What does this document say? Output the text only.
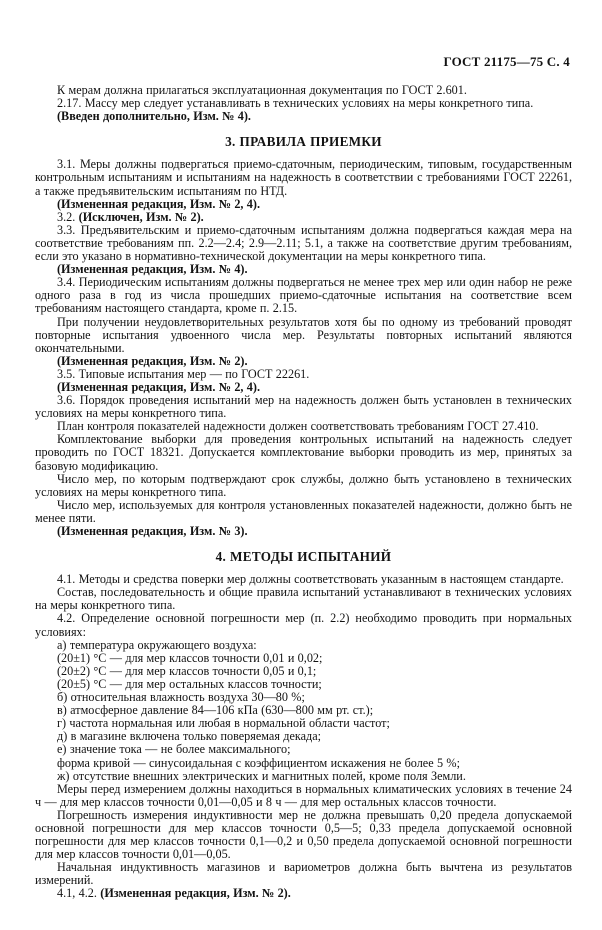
ГОСТ 21175—75 С. 4

К мерам должна прилагаться эксплуатационная документация по ГОСТ 2.601.

2.17. Массу мер следует устанавливать в технических условиях на меры конкретного типа.

(Введен дополнительно, Изм. № 4).

3. ПРАВИЛА ПРИЕМКИ

3.1. Меры должны подвергаться приемо-сдаточным, периодическим, типовым, государственным контрольным испытаниям и испытаниям на надежность в соответствии с требованиями ГОСТ 22261, а также предъявительским испытаниям по НТД.

(Измененная редакция, Изм. № 2, 4).

3.2. (Исключен, Изм. № 2).

3.3. Предъявительским и приемо-сдаточным испытаниям должна подвергаться каждая мера на соответствие требованиям пп. 2.2—2.4; 2.9—2.11; 5.1, а также на соответствие другим требованиям, если это указано в нормативно-технической документации на меры конкретного типа.

(Измененная редакция, Изм. № 4).

3.4. Периодическим испытаниям должны подвергаться не менее трех мер или один набор не реже одного раза в год из числа прошедших приемо-сдаточные испытания на соответствие всем требованиям настоящего стандарта, кроме п. 2.15.

При получении неудовлетворительных результатов хотя бы по одному из требований проводят повторные испытания удвоенного числа мер. Результаты повторных испытаний являются окончательными.

(Измененная редакция, Изм. № 2).

3.5. Типовые испытания мер — по ГОСТ 22261.

(Измененная редакция, Изм. № 2, 4).

3.6. Порядок проведения испытаний мер на надежность должен быть установлен в технических условиях на меры конкретного типа.

План контроля показателей надежности должен соответствовать требованиям ГОСТ 27.410.

Комплектование выборки для проведения контрольных испытаний на надежность следует проводить по ГОСТ 18321. Допускается комплектование выборки проводить из мер, принятых за базовую модификацию.

Число мер, по которым подтверждают срок службы, должно быть установлено в технических условиях на меры конкретного типа.

Число мер, используемых для контроля установленных показателей надежности, должно быть не менее пяти.

(Измененная редакция, Изм. № 3).

4. МЕТОДЫ ИСПЫТАНИЙ

4.1. Методы и средства поверки мер должны соответствовать указанным в настоящем стандарте.

Состав, последовательность и общие правила испытаний устанавливают в технических условиях на меры конкретного типа.

4.2. Определение основной погрешности мер (п. 2.2) необходимо проводить при нормальных условиях:

а) температура окружающего воздуха:

(20±1) °С — для мер классов точности 0,01 и 0,02;

(20±2) °С — для мер классов точности 0,05 и 0,1;

(20±5) °С — для мер остальных классов точности;

б) относительная влажность воздуха 30—80 %;

в) атмосферное давление 84—106 кПа (630—800 мм рт. ст.);

г) частота нормальная или любая в нормальной области частот;

д) в магазине включена только поверяемая декада;

е) значение тока — не более максимального;

форма кривой — синусоидальная с коэффициентом искажения не более 5 %;

ж) отсутствие внешних электрических и магнитных полей, кроме поля Земли.

Меры перед измерением должны находиться в нормальных климатических условиях в течение 24 ч — для мер классов точности 0,01—0,05 и 8 ч — для мер остальных классов точности.

Погрешность измерения индуктивности мер не должна превышать 0,20 предела допускаемой основной погрешности для мер классов точности 0,5—5; 0,33 предела допускаемой основной погрешности для мер классов точности 0,1—0,2 и 0,50 предела допускаемой основной погрешности для мер классов точности 0,01—0,05.

Начальная индуктивность магазинов и вариометров должна быть вычтена из результатов измерений.

4.1, 4.2. (Измененная редакция, Изм. № 2).
